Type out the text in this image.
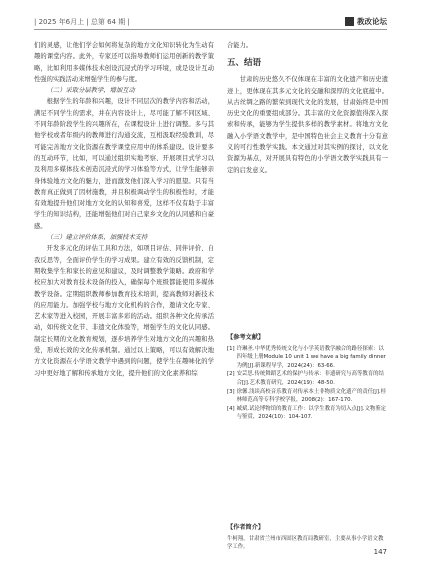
| 2025 年6月上 | 总第 64 期 |	教改论坛

们的灵感，让他们学会如何将复杂的地方文化知识转化为生动有趣的课堂内容。此外，专家还可以指导教师们运用创新的教学策略，比如利用多媒体技术创设沉浸式的学习环境，或是设计互动性强的实践活动来增强学生的参与度。

（二）采取分层教学，增加互动

根据学生的年龄和兴趣，设计不同层次的教学内容和活动，满足不同学生的需求，并在内容设计上，尽可能了解不同区域、不同年龄阶段学生的兴趣所在，在课程设计上进行调整。多与其他学校或者年级内的教师进行沟通交流，互相汲取经验教训，尽可能完善地方文化资源在教学课堂应用中的体系建设。设计要多的互动环节，比如，可以通过组织实地考察、开展项目式学习以及利用多媒体技术创造沉浸式的学习体验等方式，让学生能够亲身体验地方文化的魅力，进而激发他们深入学习的愿望。只有当教育真正做到了因材施教，并且积极调动学生的积极性时，才能有效地提升他们对地方文化的认知和喜爱，这样不仅有助于丰富学生的知识结构，还能增强他们对自己家乡文化的认同感和自豪感。

（三）建立评价体系，加强技术支持

开发多元化的评估工具和方法，如项目评估、同伴评价、自我反思等，全面评价学生的学习成果。建立有效的反馈机制，定期收集学生和家长的意见和建议，及时调整教学策略。政府和学校应加大对教育技术设备的投入，确保每个班级都能使用多媒体教学设备。定期组织教师参加教育技术培训，提高教师对新技术的应用能力。加强学校与地方文化机构的合作，邀请文化专家、艺术家等进入校园，开展丰富多彩的活动。组织各种文化传承活动，如传统文化节、非遗文化体验等，增强学生的文化认同感。制定长期的文化教育规划，逐步培养学生对地方文化的兴趣和热爱，形成长效的文化传承机制。通过以上策略，可以有效解决地方文化资源在小学语文教学中遇到的问题，使学生在趣味化的学习中更好地了解和传承地方文化，提升他们的文化素养和综

合能力。

五、结语

甘肃的历史悠久不仅体现在丰富的文化遗产和历史遗迹上，更体现在其多元文化的交融和深厚的文化底蕴中。从古丝绸之路的繁荣到现代文化的发展，甘肃始终是中国历史文化的重要组成部分。其丰富的文化资源值得深入探索和传承，能够为学生提供多样的教学素材。将地方文化融入小学语文教学中，是中国特色社会主义教育十分有意义的可行性教学实践。本文通过对其实例的探讨，以文化资源为基点，对开展具有特色的小学语文教学实践具有一定的启发意义。

【参考文献】
[1] 许琳圣.中华优秀传统文化与小学英语教学融合的路径探索：以四年级上册Module 10 unit 1 we have a big family dinner为例[J].新课程导学，2024(24)：63-66.
[2] 安芸思.传统舞蹈艺术的保护与传承：非遗研究与高等教育的结合[J].艺术教育研究，2024(19)：48-50.
[3] 徐馨.浅谈高校音乐教育对传承本土非物质文化遗产的责任[J].桂林师范高等专科学校学报，2008(2)：167-170.
[4] 臧斌.试论博物馆的教育工作：以学生教育为切入点[J].文物鉴定与鉴赏，2024(10)：104-107.
【作者简介】
牛柯翔，甘肃省兰州市西固区教育局教研室，主要从事小学语文教学工作。
147
